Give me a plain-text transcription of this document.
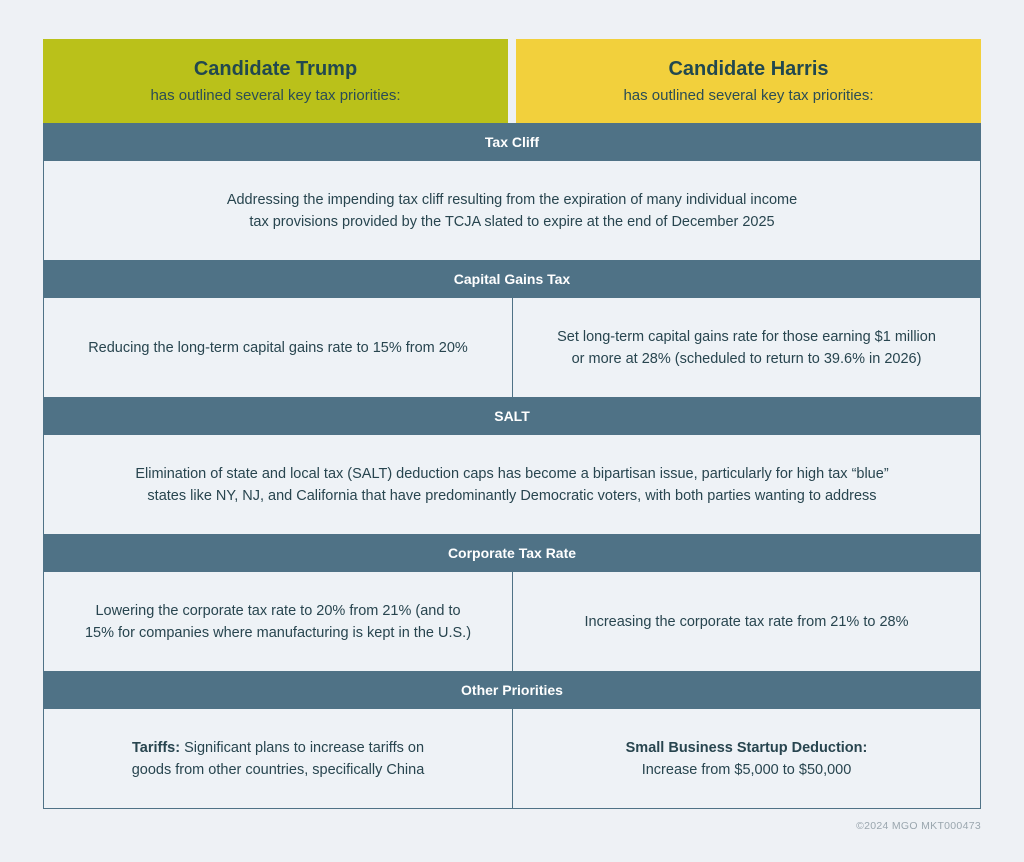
Candidate Trump
has outlined several key tax priorities:
Candidate Harris
has outlined several key tax priorities:
Tax Cliff
Addressing the impending tax cliff resulting from the expiration of many individual income
tax provisions provided by the TCJA slated to expire at the end of December 2025
Capital Gains Tax
Reducing the long-term capital gains rate to 15% from 20%
Set long-term capital gains rate for those earning $1 million
or more at 28% (scheduled to return to 39.6% in 2026)
SALT
Elimination of state and local tax (SALT) deduction caps has become a bipartisan issue, particularly for high tax “blue”
states like NY, NJ, and California that have predominantly Democratic voters, with both parties wanting to address
Corporate Tax Rate
Lowering the corporate tax rate to 20% from 21% (and to
15% for companies where manufacturing is kept in the U.S.)
Increasing the corporate tax rate from 21% to 28%
Other Priorities
Tariffs: Significant plans to increase tariffs on
goods from other countries, specifically China
Small Business Startup Deduction:
Increase from $5,000 to $50,000
©2024 MGO MKT000473
